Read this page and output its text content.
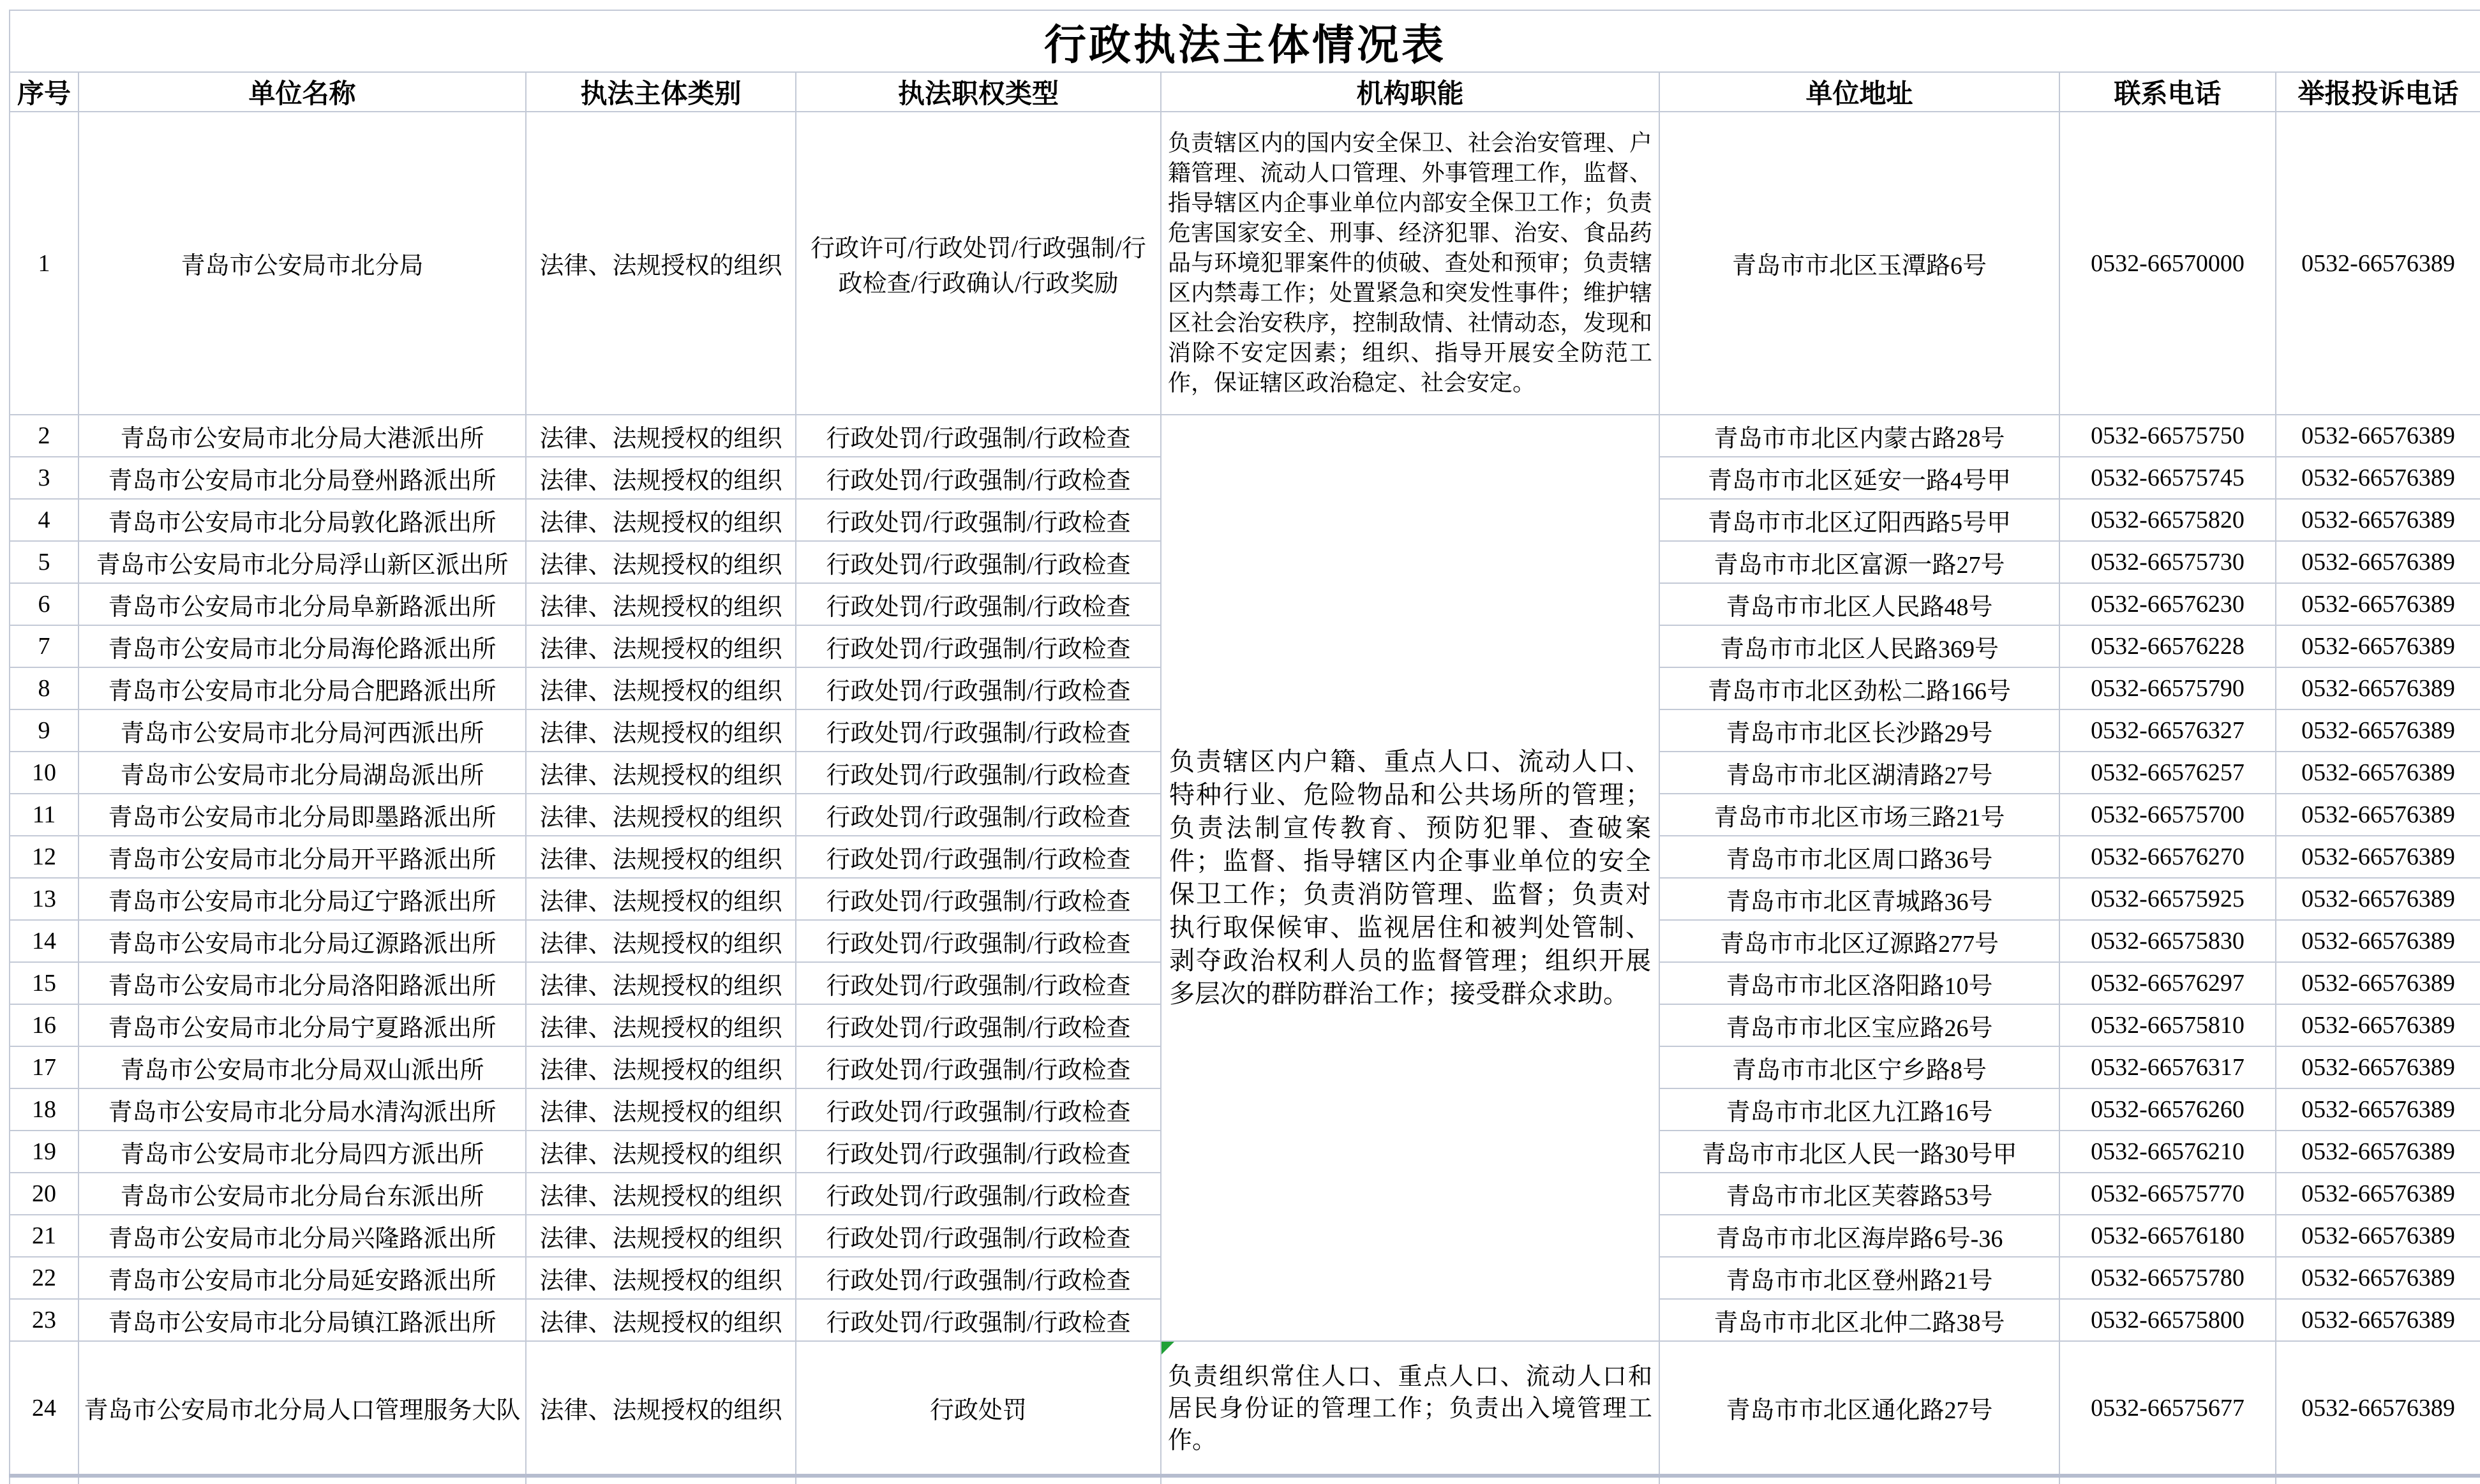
行政执法主体情况表							
序号	单位名称	执法主体类别	执法职权类型	机构职能	单位地址	联系电话	举报投诉电话
1	青岛市公安局市北分局	法律、法规授权的组织	行政许可/行政处罚/行政强制/行政检查/行政确认/行政奖励	负责辖区内的国内安全保卫、社会治安管理、户籍管理、流动人口管理、外事管理工作，监督、指导辖区内企事业单位内部安全保卫工作；负责危害国家安全、刑事、经济犯罪、治安、食品药品与环境犯罪案件的侦破、查处和预审；负责辖区内禁毒工作；处置紧急和突发性事件；维护辖区社会治安秩序，控制敌情、社情动态，发现和消除不安定因素；组织、指导开展安全防范工作，保证辖区政治稳定、社会安定。	青岛市市北区玉潭路6号	0532-66570000	0532-66576389
2	青岛市公安局市北分局大港派出所	法律、法规授权的组织	行政处罚/行政强制/行政检查	负责辖区内户籍、重点人口、流动人口、特种行业、危险物品和公共场所的管理；负责法制宣传教育、预防犯罪、查破案件；监督、指导辖区内企事业单位的安全保卫工作；负责消防管理、监督；负责对执行取保候审、监视居住和被判处管制、剥夺政治权利人员的监督管理；组织开展多层次的群防群治工作；接受群众求助。	青岛市市北区内蒙古路28号	0532-66575750	0532-66576389
3	青岛市公安局市北分局登州路派出所	法律、法规授权的组织	行政处罚/行政强制/行政检查		青岛市市北区延安一路4号甲	0532-66575745	0532-66576389
4	青岛市公安局市北分局敦化路派出所	法律、法规授权的组织	行政处罚/行政强制/行政检查		青岛市市北区辽阳西路5号甲	0532-66575820	0532-66576389
5	青岛市公安局市北分局浮山新区派出所	法律、法规授权的组织	行政处罚/行政强制/行政检查		青岛市市北区富源一路27号	0532-66575730	0532-66576389
6	青岛市公安局市北分局阜新路派出所	法律、法规授权的组织	行政处罚/行政强制/行政检查		青岛市市北区人民路48号	0532-66576230	0532-66576389
7	青岛市公安局市北分局海伦路派出所	法律、法规授权的组织	行政处罚/行政强制/行政检查		青岛市市北区人民路369号	0532-66576228	0532-66576389
8	青岛市公安局市北分局合肥路派出所	法律、法规授权的组织	行政处罚/行政强制/行政检查		青岛市市北区劲松二路166号	0532-66575790	0532-66576389
9	青岛市公安局市北分局河西派出所	法律、法规授权的组织	行政处罚/行政强制/行政检查		青岛市市北区长沙路29号	0532-66576327	0532-66576389
10	青岛市公安局市北分局湖岛派出所	法律、法规授权的组织	行政处罚/行政强制/行政检查		青岛市市北区湖清路27号	0532-66576257	0532-66576389
11	青岛市公安局市北分局即墨路派出所	法律、法规授权的组织	行政处罚/行政强制/行政检查		青岛市市北区市场三路21号	0532-66575700	0532-66576389
12	青岛市公安局市北分局开平路派出所	法律、法规授权的组织	行政处罚/行政强制/行政检查		青岛市市北区周口路36号	0532-66576270	0532-66576389
13	青岛市公安局市北分局辽宁路派出所	法律、法规授权的组织	行政处罚/行政强制/行政检查		青岛市市北区青城路36号	0532-66575925	0532-66576389
14	青岛市公安局市北分局辽源路派出所	法律、法规授权的组织	行政处罚/行政强制/行政检查		青岛市市北区辽源路277号	0532-66575830	0532-66576389
15	青岛市公安局市北分局洛阳路派出所	法律、法规授权的组织	行政处罚/行政强制/行政检查		青岛市市北区洛阳路10号	0532-66576297	0532-66576389
16	青岛市公安局市北分局宁夏路派出所	法律、法规授权的组织	行政处罚/行政强制/行政检查		青岛市市北区宝应路26号	0532-66575810	0532-66576389
17	青岛市公安局市北分局双山派出所	法律、法规授权的组织	行政处罚/行政强制/行政检查		青岛市市北区宁乡路8号	0532-66576317	0532-66576389
18	青岛市公安局市北分局水清沟派出所	法律、法规授权的组织	行政处罚/行政强制/行政检查		青岛市市北区九江路16号	0532-66576260	0532-66576389
19	青岛市公安局市北分局四方派出所	法律、法规授权的组织	行政处罚/行政强制/行政检查		青岛市市北区人民一路30号甲	0532-66576210	0532-66576389
20	青岛市公安局市北分局台东派出所	法律、法规授权的组织	行政处罚/行政强制/行政检查		青岛市市北区芙蓉路53号	0532-66575770	0532-66576389
21	青岛市公安局市北分局兴隆路派出所	法律、法规授权的组织	行政处罚/行政强制/行政检查		青岛市市北区海岸路6号-36	0532-66576180	0532-66576389
22	青岛市公安局市北分局延安路派出所	法律、法规授权的组织	行政处罚/行政强制/行政检查		青岛市市北区登州路21号	0532-66575780	0532-66576389
23	青岛市公安局市北分局镇江路派出所	法律、法规授权的组织	行政处罚/行政强制/行政检查		青岛市市北区北仲二路38号	0532-66575800	0532-66576389
24	青岛市公安局市北分局人口管理服务大队	法律、法规授权的组织	行政处罚	负责组织常住人口、重点人口、流动人口和居民身份证的管理工作；负责出入境管理工作。	青岛市市北区通化路27号	0532-66575677	0532-66576389
